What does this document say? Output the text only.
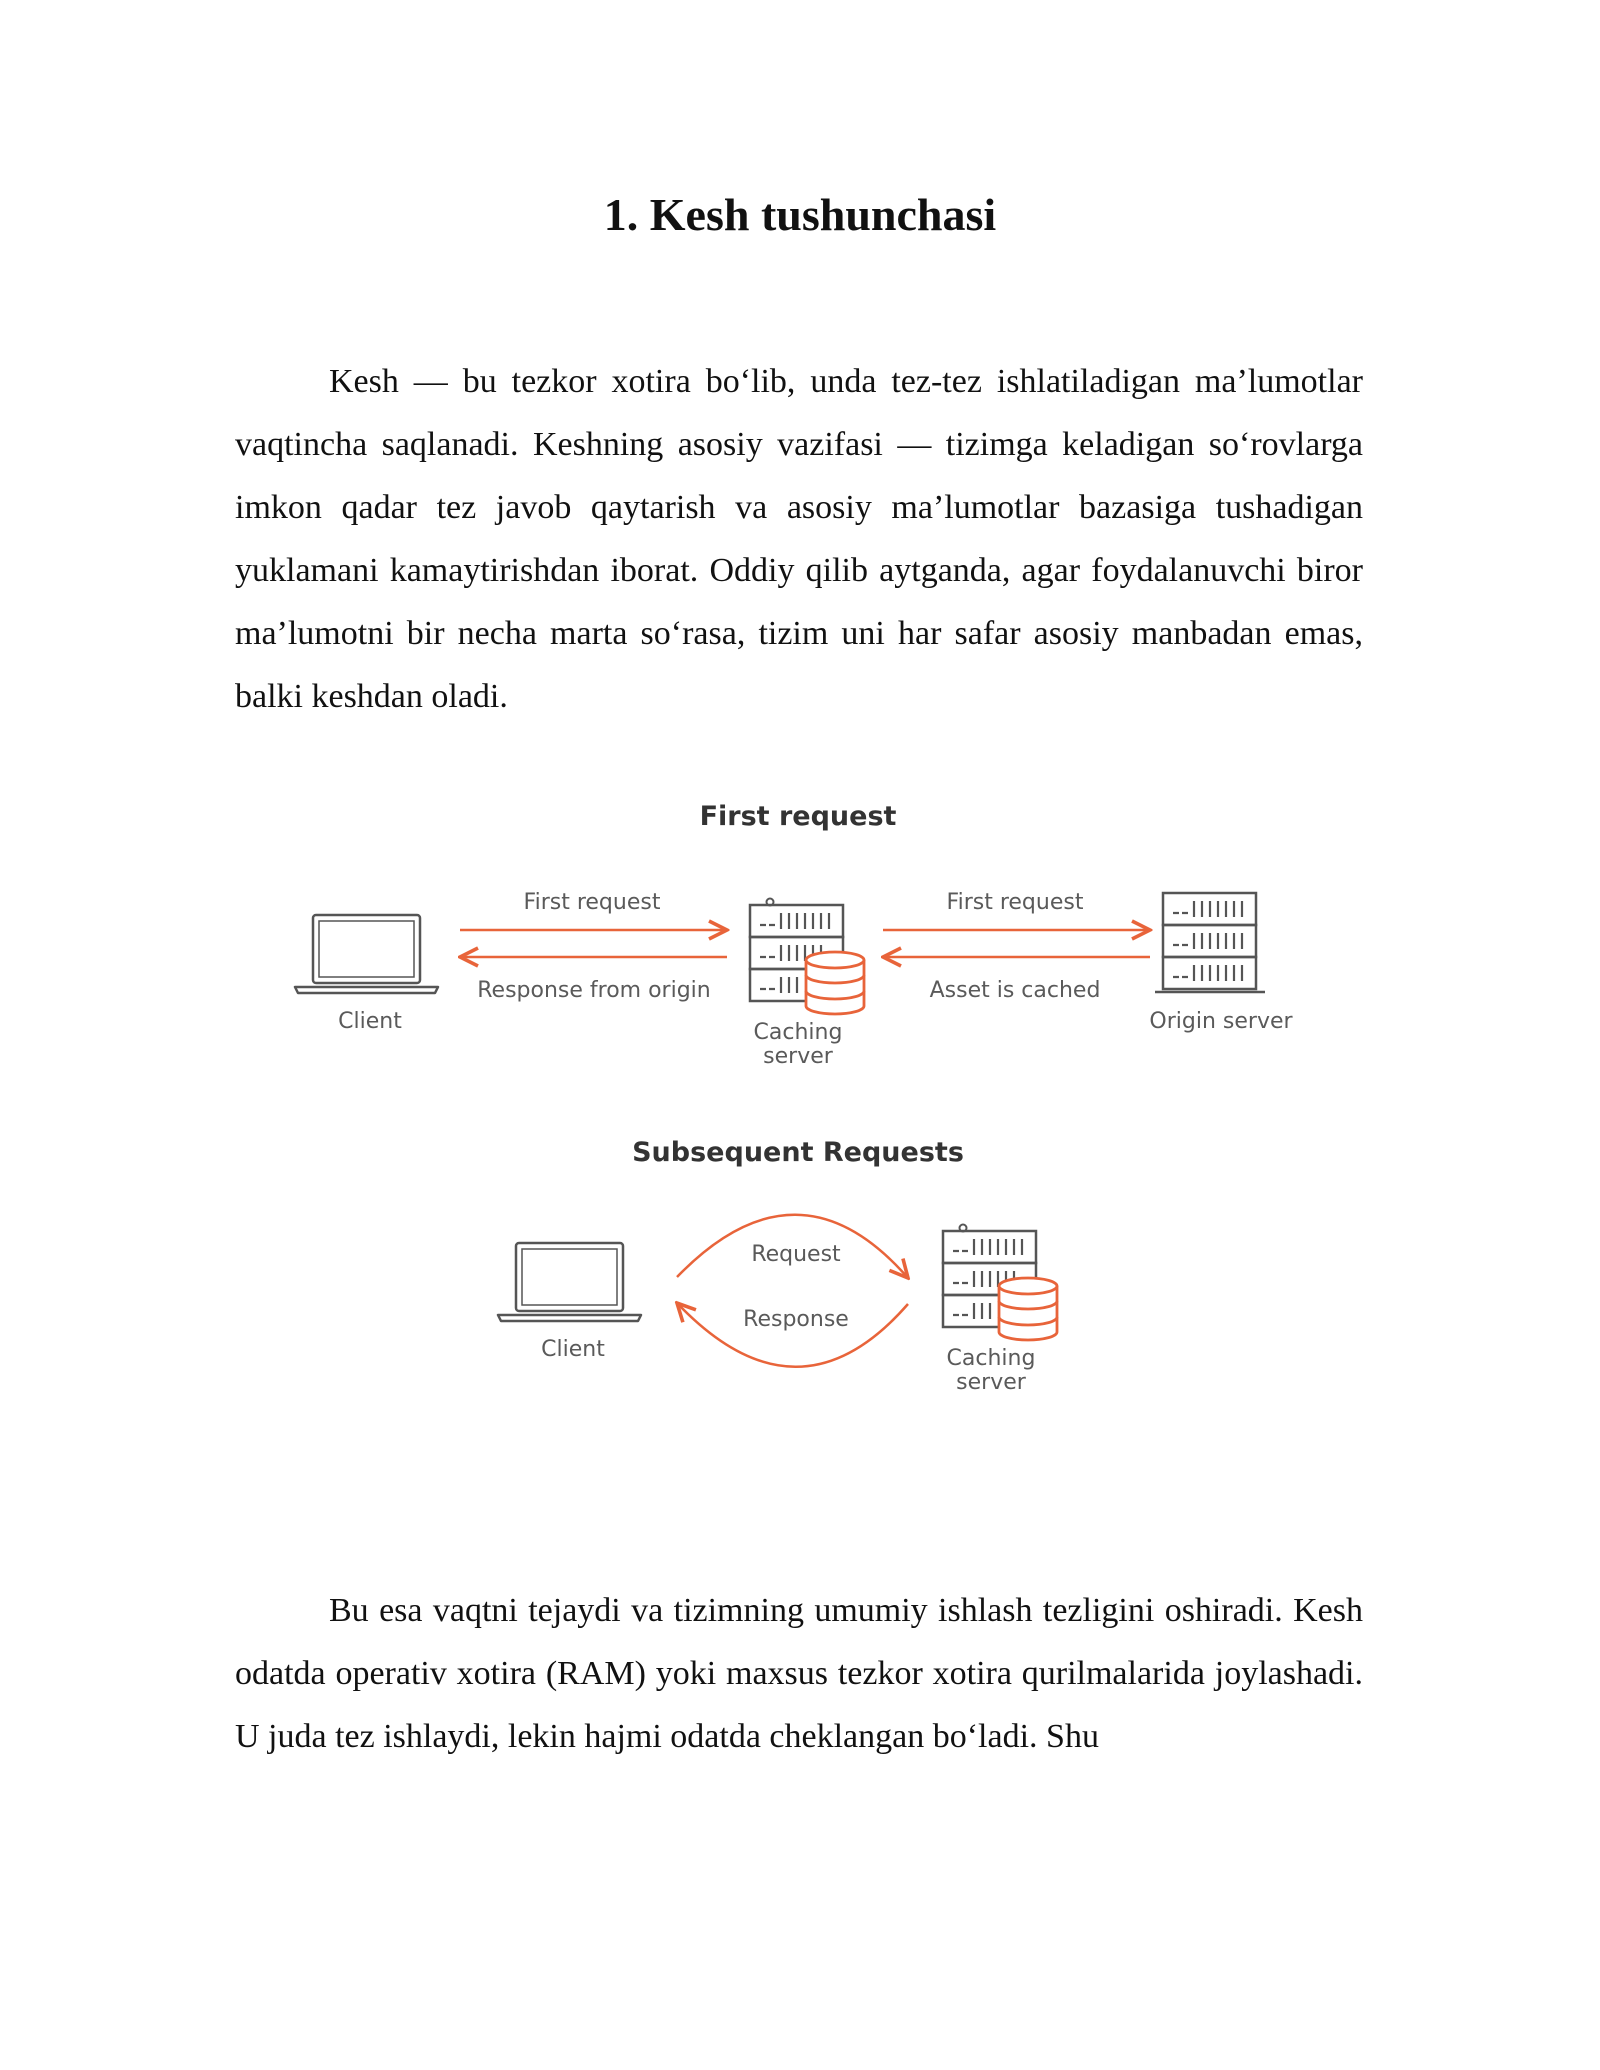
1. Kesh tushunchasi

Kesh — bu tezkor xotira bo‘lib, unda tez-tez ishlatiladigan ma’lumotlar vaqtincha saqlanadi. Keshning asosiy vazifasi — tizimga keladigan so‘rovlarga imkon qadar tez javob qaytarish va asosiy ma’lumotlar bazasiga tushadigan yuklamani kamaytirishdan iborat. Oddiy qilib aytganda, agar foydalanuvchi biror ma’lumotni bir necha marta so‘rasa, tizim uni har safar asosiy manbadan emas, balki keshdan oladi.

First request
Client
First request
Response from origin
Caching
server
First request
Asset is cached
Origin server
Subsequent Requests
Client
Request
Response
Caching
server

Bu esa vaqtni tejaydi va tizimning umumiy ishlash tezligini oshiradi. Kesh odatda operativ xotira (RAM) yoki maxsus tezkor xotira qurilmalarida joylashadi. U juda tez ishlaydi, lekin hajmi odatda cheklangan bo‘ladi. Shu
